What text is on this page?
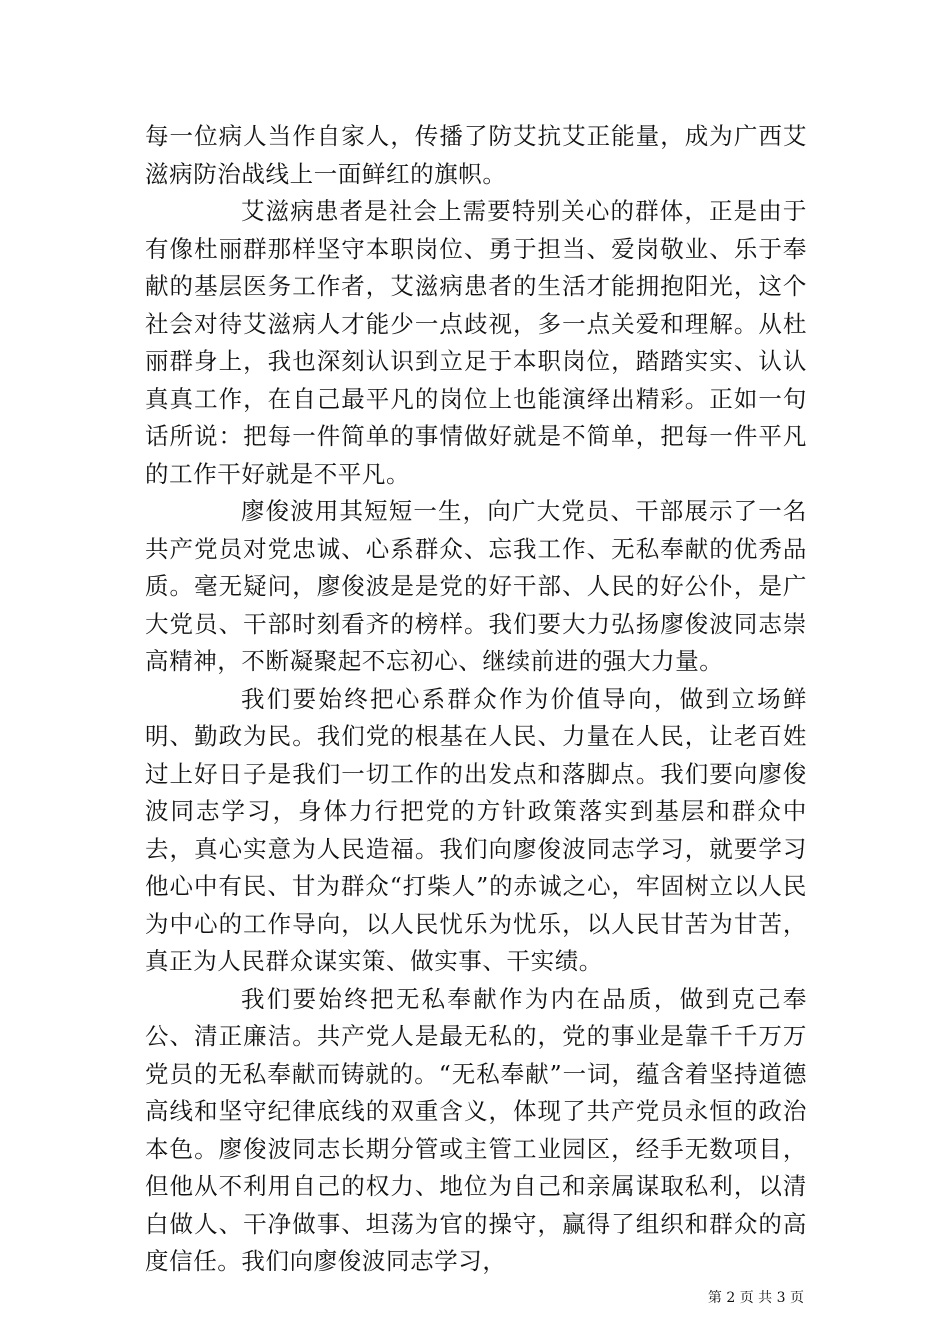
每一位病人当作自家人，传播了防艾抗艾正能量，成为广西艾滋病防治战线上一面鲜红的旗帜。

艾滋病患者是社会上需要特别关心的群体，正是由于有像杜丽群那样坚守本职岗位、勇于担当、爱岗敬业、乐于奉献的基层医务工作者，艾滋病患者的生活才能拥抱阳光，这个社会对待艾滋病人才能少一点歧视，多一点关爱和理解。从杜丽群身上，我也深刻认识到立足于本职岗位，踏踏实实、认认真真工作，在自己最平凡的岗位上也能演绎出精彩。正如一句话所说：把每一件简单的事情做好就是不简单，把每一件平凡的工作干好就是不平凡。

廖俊波用其短短一生，向广大党员、干部展示了一名共产党员对党忠诚、心系群众、忘我工作、无私奉献的优秀品质。毫无疑问，廖俊波是是党的好干部、人民的好公仆，是广大党员、干部时刻看齐的榜样。我们要大力弘扬廖俊波同志崇高精神，不断凝聚起不忘初心、继续前进的强大力量。

我们要始终把心系群众作为价值导向，做到立场鲜明、勤政为民。我们党的根基在人民、力量在人民，让老百姓过上好日子是我们一切工作的出发点和落脚点。我们要向廖俊波同志学习，身体力行把党的方针政策落实到基层和群众中去，真心实意为人民造福。我们向廖俊波同志学习，就要学习他心中有民、甘为群众“打柴人”的赤诚之心，牢固树立以人民为中心的工作导向，以人民忧乐为忧乐，以人民甘苦为甘苦，真正为人民群众谋实策、做实事、干实绩。

我们要始终把无私奉献作为内在品质，做到克己奉公、清正廉洁。共产党人是最无私的，党的事业是靠千千万万党员的无私奉献而铸就的。“无私奉献”一词，蕴含着坚持道德高线和坚守纪律底线的双重含义，体现了共产党员永恒的政治本色。廖俊波同志长期分管或主管工业园区，经手无数项目，但他从不利用自己的权力、地位为自己和亲属谋取私利，以清白做人、干净做事、坦荡为官的操守，赢得了组织和群众的高度信任。我们向廖俊波同志学习，

第 2 页 共 3 页
